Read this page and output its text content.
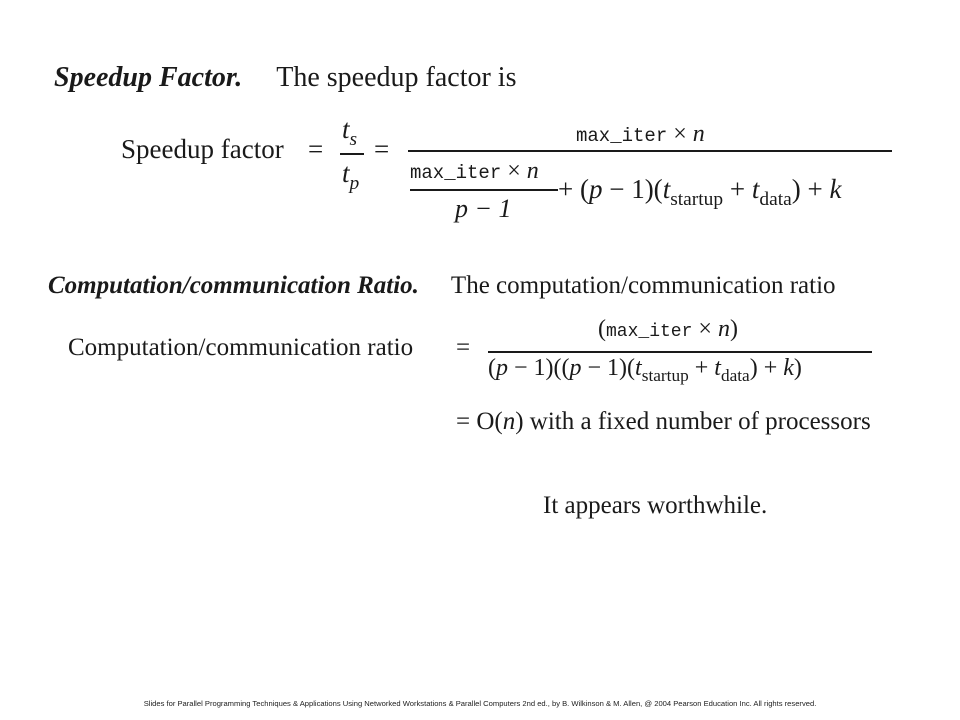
Speedup Factor. The speedup factor is
Speedup factor =
$t_s$
$t_p$
=	max_iter × n
max_iter × n
p − 1
+ $(p - 1)(t_{startup} + t_{data}) + k$
Computation/communication Ratio. The computation/communication ratio
Computation/communication ratio =
(max_iter × n)
$(p - 1)((p - 1)(t_{startup} + t_{data}) + k)$
= O(n) with a fixed number of processors
It appears worthwhile.
Slides for Parallel Programming Techniques & Applications Using Networked Workstations & Parallel Computers 2nd ed., by B. Wilkinson & M. Allen, @ 2004 Pearson Education Inc. All rights reserved.
